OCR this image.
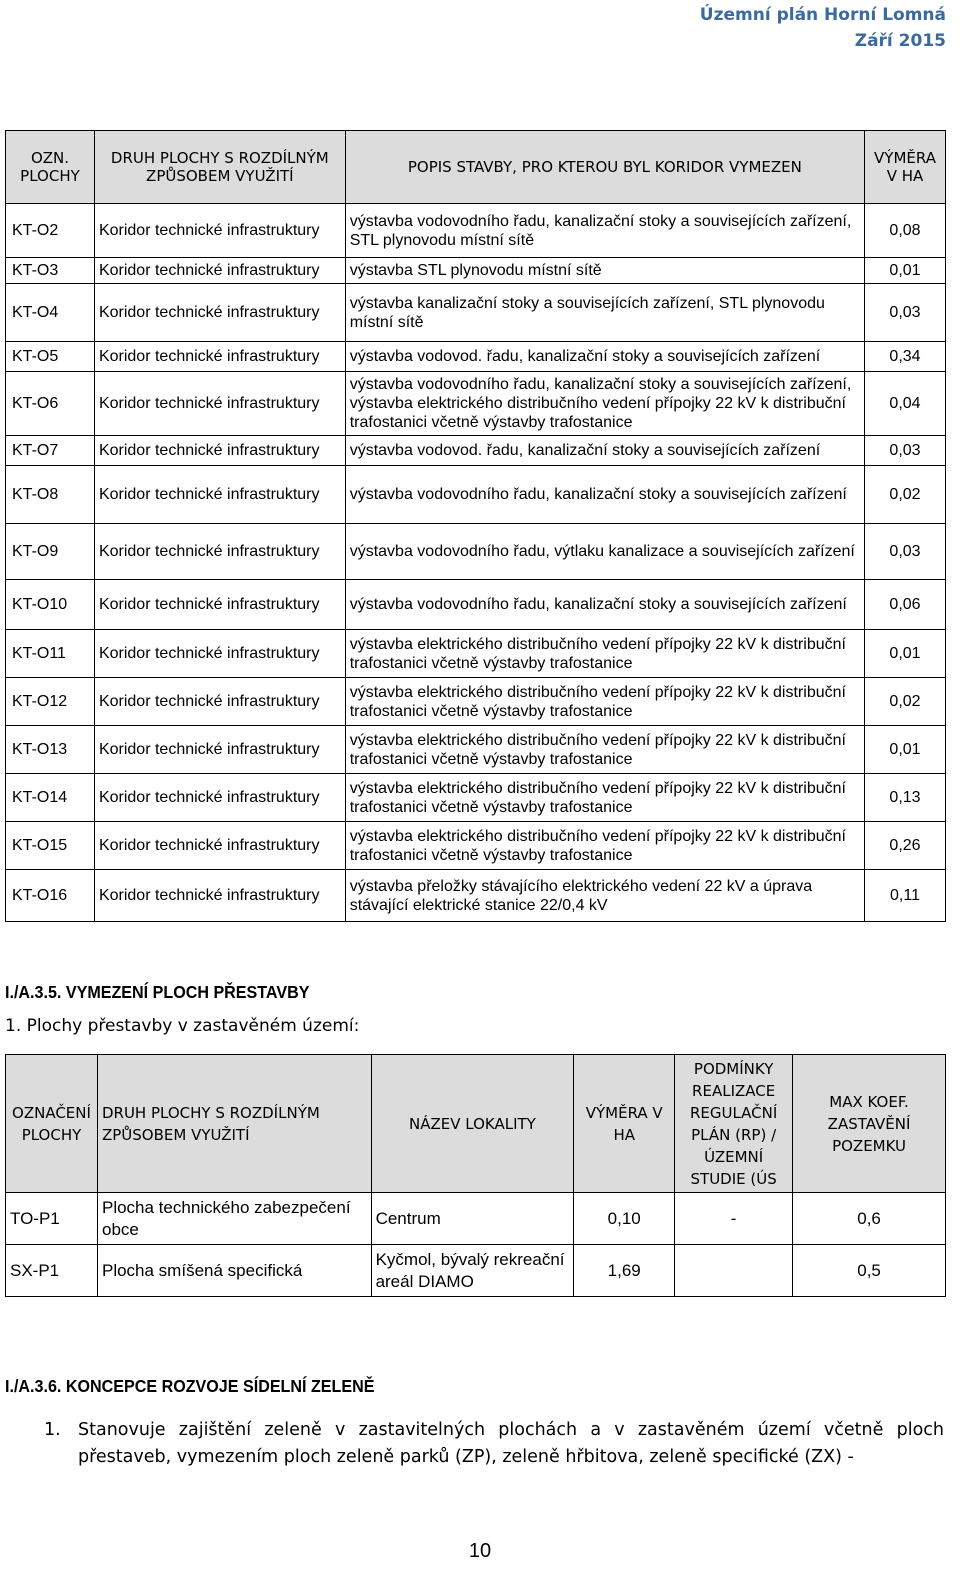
Územní plán Horní Lomná
Září 2015
OZN. PLOCHY	DRUH PLOCHY S ROZDÍLNÝM ZPŮSOBEM VYUŽITÍ	POPIS STAVBY, PRO KTEROU BYL KORIDOR VYMEZEN	VÝMĚRA V HA
KT-O2	Koridor technické infrastruktury	výstavba vodovodního řadu, kanalizační stoky a souvisejících zařízení, STL plynovodu místní sítě	0,08
KT-O3	Koridor technické infrastruktury	výstavba STL plynovodu místní sítě	0,01
KT-O4	Koridor technické infrastruktury	výstavba kanalizační stoky a souvisejících zařízení, STL plynovodu místní sítě	0,03
KT-O5	Koridor technické infrastruktury	výstavba vodovod. řadu, kanalizační stoky a souvisejících zařízení	0,34
KT-O6	Koridor technické infrastruktury	výstavba vodovodního řadu, kanalizační stoky a souvisejících zařízení, výstavba elektrického distribučního vedení přípojky 22 kV k distribuční trafostanici včetně výstavby trafostanice	0,04
KT-O7	Koridor technické infrastruktury	výstavba vodovod. řadu, kanalizační stoky a souvisejících zařízení	0,03
KT-O8	Koridor technické infrastruktury	výstavba vodovodního řadu, kanalizační stoky a souvisejících zařízení	0,02
KT-O9	Koridor technické infrastruktury	výstavba vodovodního řadu, výtlaku kanalizace a souvisejících zařízení	0,03
KT-O10	Koridor technické infrastruktury	výstavba vodovodního řadu, kanalizační stoky a souvisejících zařízení	0,06
KT-O11	Koridor technické infrastruktury	výstavba elektrického distribučního vedení přípojky 22 kV k distribuční trafostanici včetně výstavby trafostanice	0,01
KT-O12	Koridor technické infrastruktury	výstavba elektrického distribučního vedení přípojky 22 kV k distribuční trafostanici včetně výstavby trafostanice	0,02
KT-O13	Koridor technické infrastruktury	výstavba elektrického distribučního vedení přípojky 22 kV k distribuční trafostanici včetně výstavby trafostanice	0,01
KT-O14	Koridor technické infrastruktury	výstavba elektrického distribučního vedení přípojky 22 kV k distribuční trafostanici včetně výstavby trafostanice	0,13
KT-O15	Koridor technické infrastruktury	výstavba elektrického distribučního vedení přípojky 22 kV k distribuční trafostanici včetně výstavby trafostanice	0,26
KT-O16	Koridor technické infrastruktury	výstavba přeložky stávajícího elektrického vedení 22 kV a úprava stávající elektrické stanice 22/0,4 kV	0,11
I./A.3.5. VYMEZENÍ PLOCH PŘESTAVBY
1. Plochy přestavby v zastavěném území:
OZNAČENÍ PLOCHY	DRUH PLOCHY S ROZDÍLNÝM ZPŮSOBEM VYUŽITÍ	NÁZEV LOKALITY	VÝMĚRA V HA	PODMÍNKY REALIZACE REGULAČNÍ PLÁN (RP) / ÚZEMNÍ STUDIE (ÚS	MAX KOEF. ZASTAVĚNÍ POZEMKU
TO-P1	Plocha technického zabezpečení obce	Centrum	0,10	-	0,6
SX-P1	Plocha smíšená specifická	Kyčmol, bývalý rekreační areál DIAMO	1,69		0,5
I./A.3.6. KONCEPCE ROZVOJE SÍDELNÍ ZELENĚ
1. Stanovuje zajištění zeleně v zastavitelných plochách a v zastavěném území včetně ploch přestaveb, vymezením ploch zeleně parků (ZP), zeleně hřbitova, zeleně specifické (ZX) -
10
